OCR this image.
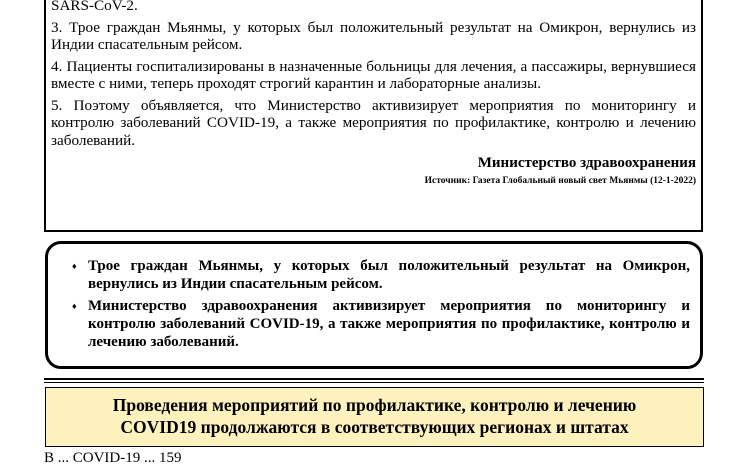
SARS-CoV-2.

3. Трое граждан Мьянмы, у которых был положительный результат на Омикрон, вернулись из Индии спасательным рейсом.

4. Пациенты госпитализированы в назначенные больницы для лечения, а пассажиры, вернувшиеся вместе с ними, теперь проходят строгий карантин и лабораторные анализы.

5. Поэтому объявляется, что Министерство активизирует мероприятия по мониторингу и контролю заболеваний COVID-19, а также мероприятия по профилактике, контролю и лечению заболеваний.

Министерство здравоохранения
Источник: Газета Глобальный новый свет Мьянмы (12-1-2022)
♦ Трое граждан Мьянмы, у которых был положительный результат на Омикрон, вернулись из Индии спасательным рейсом.
♦ Министерство здравоохранения активизирует мероприятия по мониторингу и контролю заболеваний COVID-19, а также мероприятия по профилактике, контролю и лечению заболеваний.
Проведения мероприятий по профилактике, контролю и лечению
COVID19 продолжаются в соответствующих регионах и штатах
В ... COVID-19 ... 159
